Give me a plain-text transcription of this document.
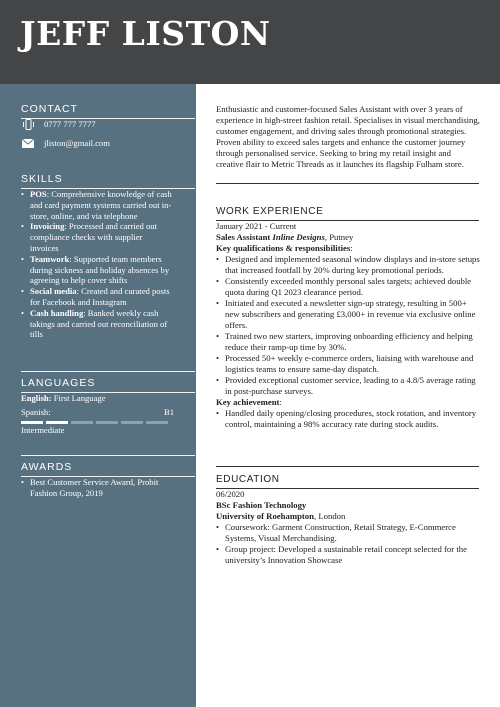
JEFF LISTON
CONTACT
0777 777 7777
jliston@gmail.com
SKILLS
• POS: Comprehensive knowledge of cash and card payment systems carried out in-store, online, and via telephone
• Invoicing: Processed and carried out compliance checks with supplier invoices
• Teamwork: Supported team members during sickness and holiday absences by agreeing to help cover shifts
• Social media: Created and curated posts for Facebook and Instagram
• Cash handling: Banked weekly cash takings and carried out reconciliation of tills
LANGUAGES
English: First Language
Spanish:	B1
Intermediate
AWARDS
• Best Customer Service Award, Probit Fashion Group, 2019
Enthusiastic and customer-focused Sales Assistant with over 3 years of experience in high-street fashion retail. Specialises in visual merchandising, customer engagement, and driving sales through promotional strategies. Proven ability to exceed sales targets and enhance the customer journey through personalised service. Seeking to bring my retail insight and creative flair to Metric Threads as it launches its flagship Fulham store.
WORK EXPERIENCE
January 2021 - Current
Sales Assistant Inline Designs, Putney
Key qualifications & responsibilities:
• Designed and implemented seasonal window displays and in-store setups that increased footfall by 20% during key promotional periods.
• Consistently exceeded monthly personal sales targets; achieved double quota during Q1 2023 clearance period.
• Initiated and executed a newsletter sign-up strategy, resulting in 500+ new subscribers and generating £3,000+ in revenue via exclusive online offers.
• Trained two new starters, improving onboarding efficiency and helping reduce their ramp-up time by 30%.
• Processed 50+ weekly e-commerce orders, liaising with warehouse and logistics teams to ensure same-day dispatch.
• Provided exceptional customer service, leading to a 4.8/5 average rating in post-purchase surveys.
Key achievement:
• Handled daily opening/closing procedures, stock rotation, and inventory control, maintaining a 98% accuracy rate during stock audits.
EDUCATION
06/2020
BSc Fashion Technology
University of Roehampton, London
• Coursework: Garment Construction, Retail Strategy, E-Commerce Systems, Visual Merchandising.
• Group project: Developed a sustainable retail concept selected for the university’s Innovation Showcase
